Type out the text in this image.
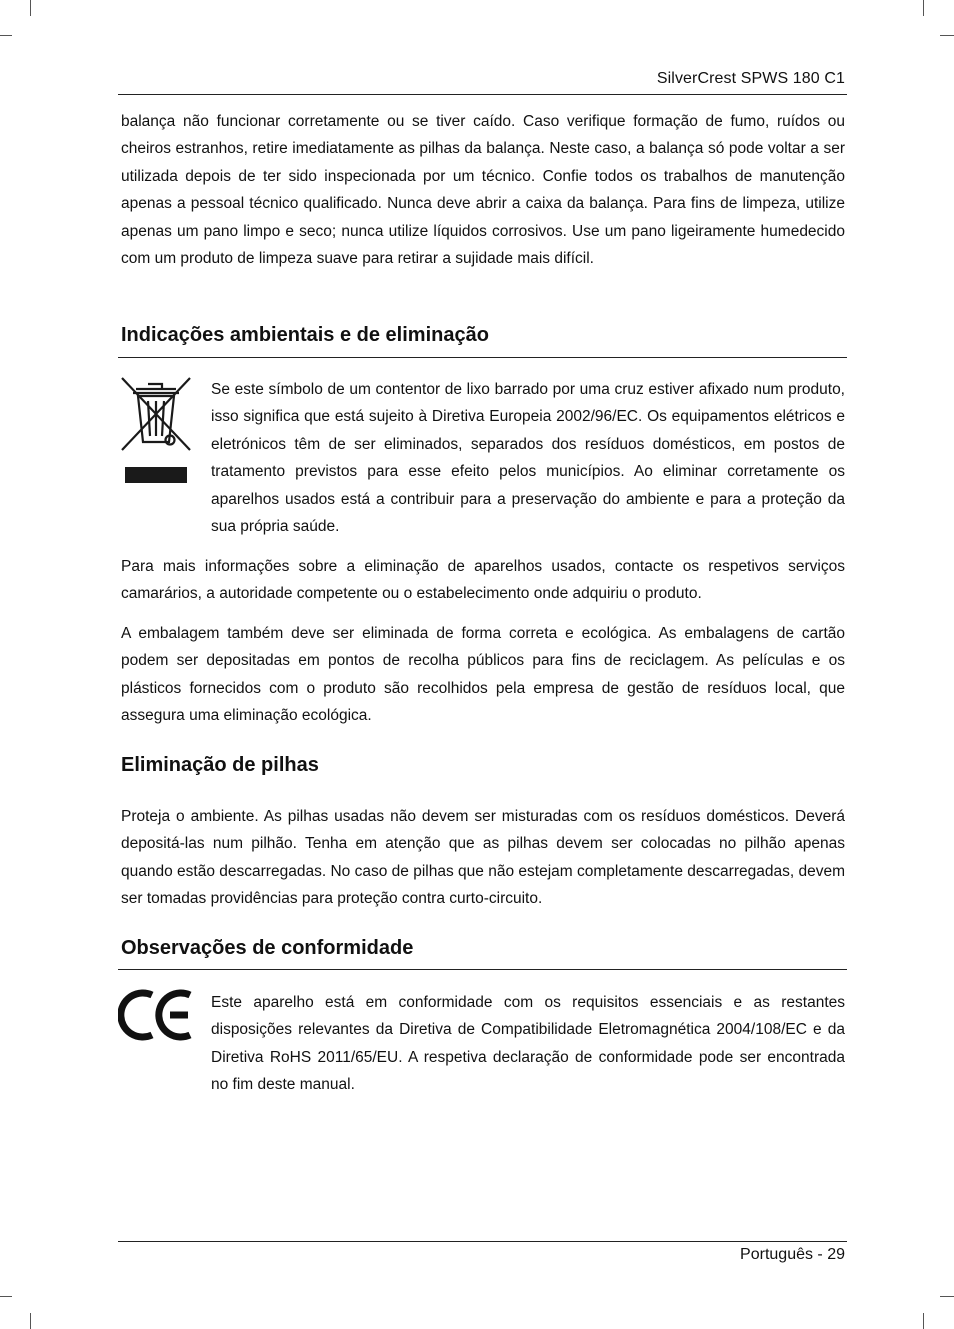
SilverCrest SPWS 180 C1

balança não funcionar corretamente ou se tiver caído. Caso verifique formação de fumo, ruídos ou cheiros estranhos, retire imediatamente as pilhas da balança. Neste caso, a balança só pode voltar a ser utilizada depois de ter sido inspecionada por um técnico. Confie todos os trabalhos de manutenção apenas a pessoal técnico qualificado. Nunca deve abrir a caixa da balança. Para fins de limpeza, utilize apenas um pano limpo e seco; nunca utilize líquidos corrosivos. Use um pano ligeiramente humedecido com um produto de limpeza suave para retirar a sujidade mais difícil.

Indicações ambientais e de eliminação

Se este símbolo de um contentor de lixo barrado por uma cruz estiver afixado num produto, isso significa que está sujeito à Diretiva Europeia 2002/96/EC. Os equipamentos elétricos e eletrónicos têm de ser eliminados, separados dos resíduos domésticos, em postos de tratamento previstos para esse efeito pelos municípios. Ao eliminar corretamente os aparelhos usados está a contribuir para a preservação do ambiente e para a proteção da sua própria saúde.

Para mais informações sobre a eliminação de aparelhos usados, contacte os respetivos serviços camarários, a autoridade competente ou o estabelecimento onde adquiriu o produto.

A embalagem também deve ser eliminada de forma correta e ecológica. As embalagens de cartão podem ser depositadas em pontos de recolha públicos para fins de reciclagem. As películas e os plásticos fornecidos com o produto são recolhidos pela empresa de gestão de resíduos local, que assegura uma eliminação ecológica.

Eliminação de pilhas

Proteja o ambiente. As pilhas usadas não devem ser misturadas com os resíduos domésticos. Deverá depositá-las num pilhão. Tenha em atenção que as pilhas devem ser colocadas no pilhão apenas quando estão descarregadas. No caso de pilhas que não estejam completamente descarregadas, devem ser tomadas providências para proteção contra curto-circuito.

Observações de conformidade

Este aparelho está em conformidade com os requisitos essenciais e as restantes disposições relevantes da Diretiva de Compatibilidade Eletromagnética 2004/108/EC e da Diretiva RoHS 2011/65/EU. A respetiva declaração de conformidade pode ser encontrada no fim deste manual.

Português - 29
